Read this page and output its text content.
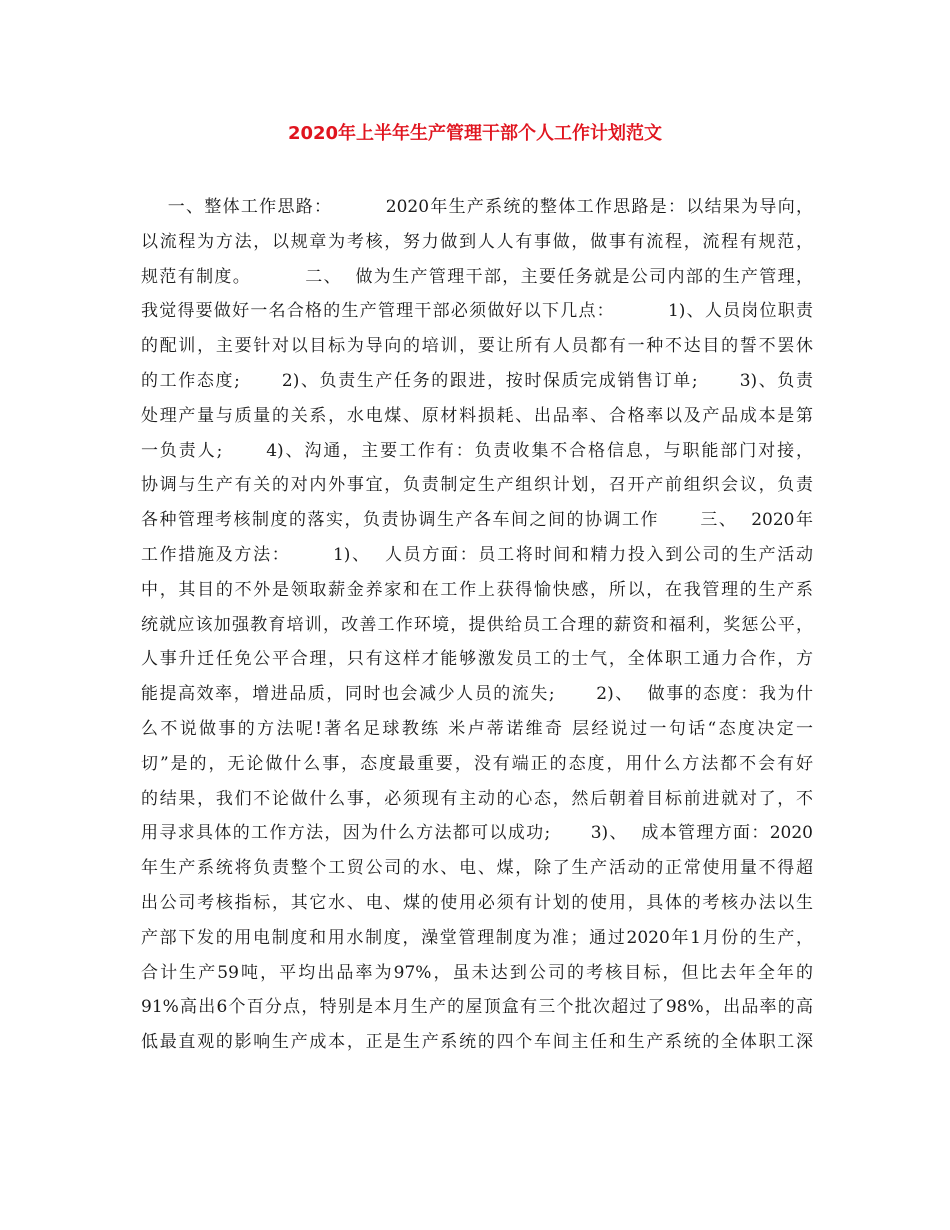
2020年上半年生产管理干部个人工作计划范文
一、整体工作思路：        2020年生产系统的整体工作思路是：以结果为导向，
以流程为方法，以规章为考核，努力做到人人有事做，做事有流程，流程有规范，
规范有制度。        二、  做为生产管理干部，主要任务就是公司内部的生产管理，
我觉得要做好一名合格的生产管理干部必须做好以下几点：        1)、人员岗位职责
的配训，主要针对以目标为导向的培训，要让所有人员都有一种不达目的誓不罢休
的工作态度;      2)、负责生产任务的跟进，按时保质完成销售订单;      3)、负责
处理产量与质量的关系，水电煤、原材料损耗、出品率、合格率以及产品成本是第
一负责人;      4)、沟通，主要工作有：负责收集不合格信息，与职能部门对接，
协调与生产有关的对内外事宜，负责制定生产组织计划，召开产前组织会议，负责
各种管理考核制度的落实，负责协调生产各车间之间的协调工作      三、  2020年
工作措施及方法：      1)、  人员方面：员工将时间和精力投入到公司的生产活动
中，其目的不外是领取薪金养家和在工作上获得愉快感，所以，在我管理的生产系
统就应该加强教育培训，改善工作环境，提供给员工合理的薪资和福利，奖惩公平，
人事升迁任免公平合理，只有这样才能够激发员工的士气，全体职工通力合作，方
能提高效率，增进品质，同时也会减少人员的流失;      2)、  做事的态度：我为什
么不说做事的方法呢!著名足球教练 米卢蒂诺维奇 层经说过一句话“态度决定一
切”是的，无论做什么事，态度最重要，没有端正的态度，用什么方法都不会有好
的结果，我们不论做什么事，必须现有主动的心态，然后朝着目标前进就对了，不
用寻求具体的工作方法，因为什么方法都可以成功;      3)、  成本管理方面：2020
年生产系统将负责整个工贸公司的水、电、煤，除了生产活动的正常使用量不得超
出公司考核指标，其它水、电、煤的使用必须有计划的使用，具体的考核办法以生
产部下发的用电制度和用水制度，澡堂管理制度为准；通过2020年1月份的生产，
合计生产59吨，平均出品率为97%，虽未达到公司的考核目标，但比去年全年的
91%高出6个百分点，特别是本月生产的屋顶盒有三个批次超过了98%，出品率的高
低最直观的影响生产成本，正是生产系统的四个车间主任和生产系统的全体职工深
